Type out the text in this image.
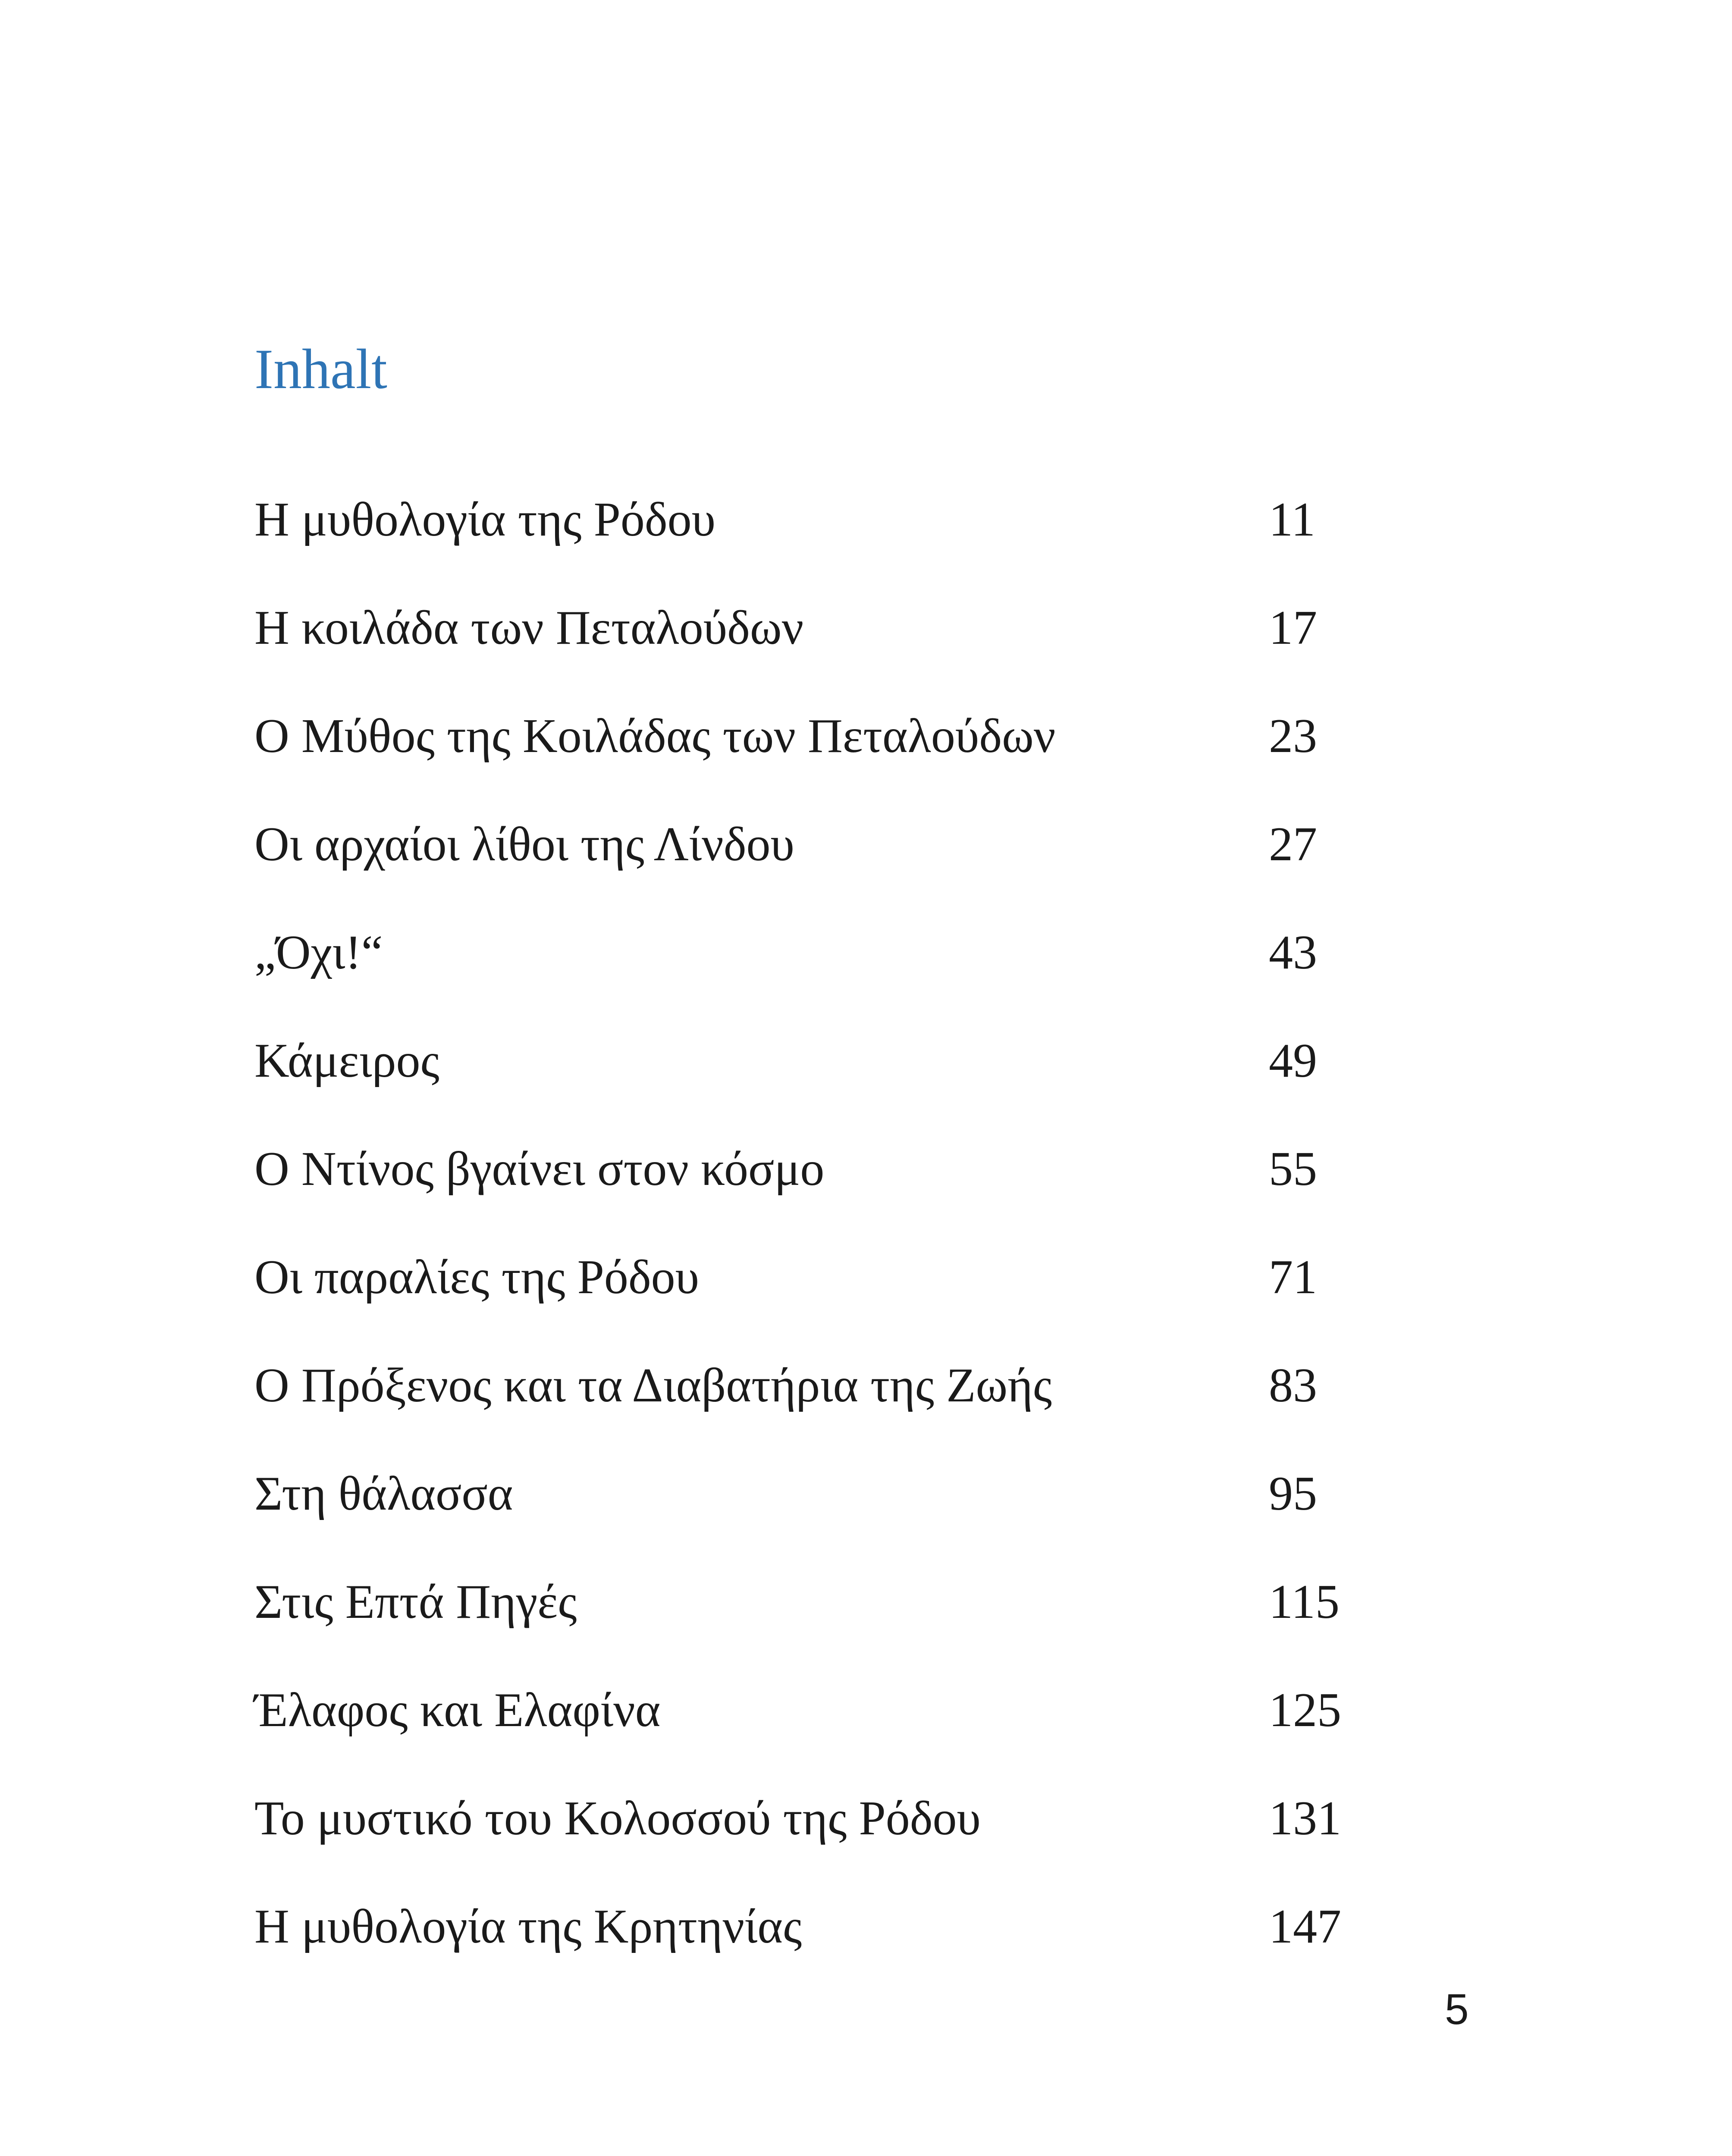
Inhalt
Η μυθολογία της Ρόδου	11
Η κοιλάδα των Πεταλούδων	17
Ο Μύθος της Κοιλάδας των Πεταλούδων	23
Οι αρχαίοι λίθοι της Λίνδου	27
„Όχι!“	43
Κάμειρος	49
Ο Ντίνος βγαίνει στον κόσμο	55
Οι παραλίες της Ρόδου	71
Ο Πρόξενος και τα Διαβατήρια της Ζωής	83
Στη θάλασσα	95
Στις Επτά Πηγές	115
Έλαφος και Ελαφίνα	125
Το μυστικό του Κολοσσού της Ρόδου	131
Η μυθολογία της Κρητηνίας	147
5
